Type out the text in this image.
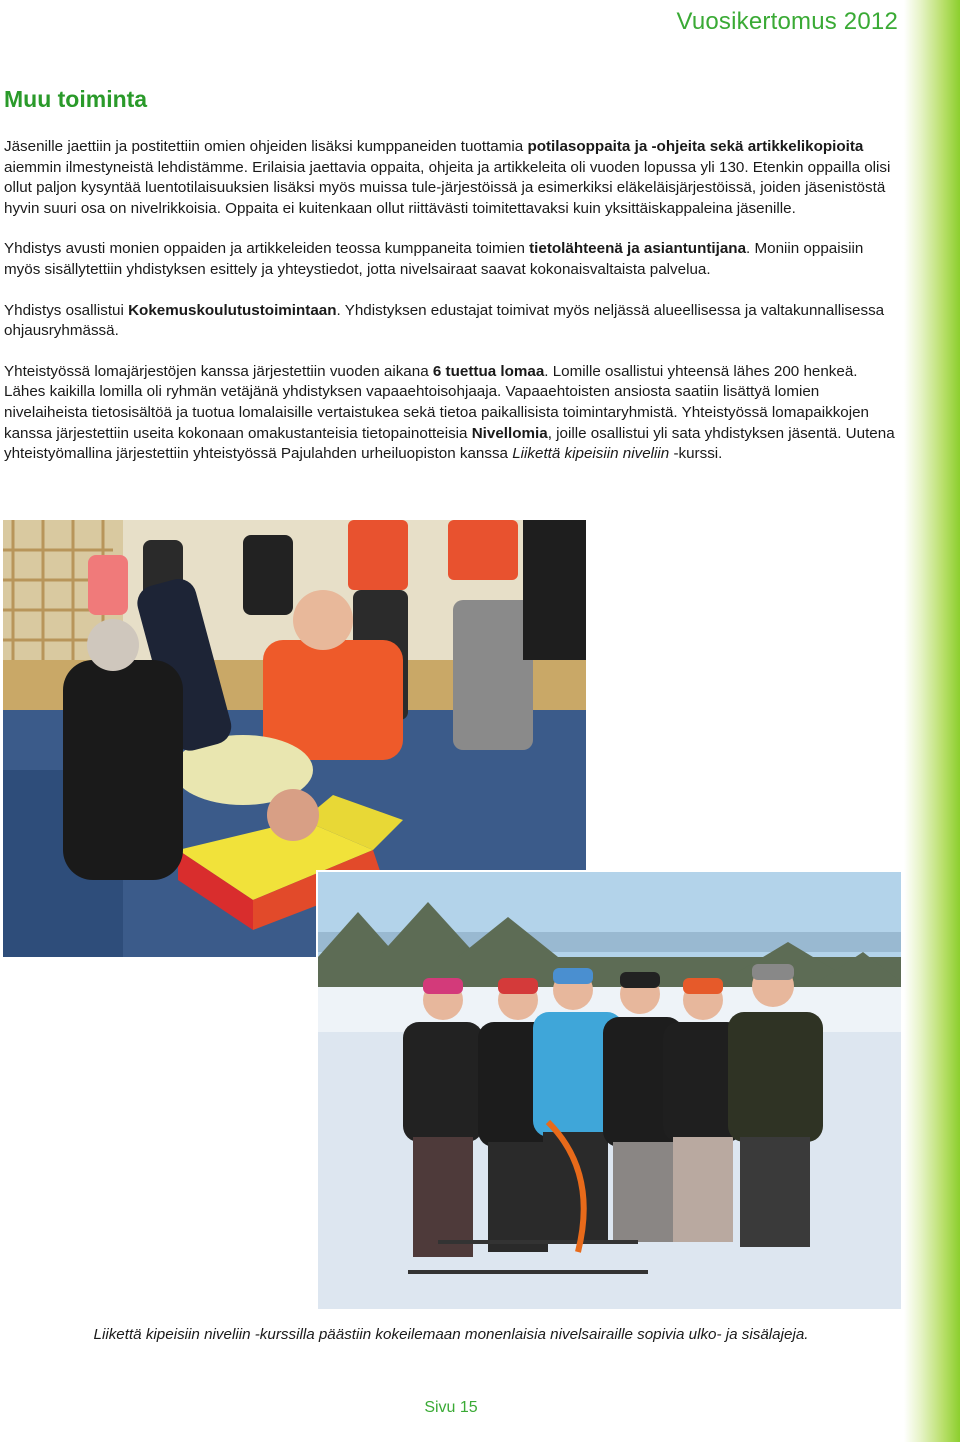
Vuosikertomus 2012
Muu toiminta

Jäsenille jaettiin ja postitettiin omien ohjeiden lisäksi kumppaneiden tuottamia potilasoppaita ja -ohjeita sekä artikkelikopioita aiemmin ilmestyneistä lehdistämme. Erilaisia jaettavia oppaita, ohjeita ja artikkeleita oli vuoden lopussa yli 130. Etenkin oppailla olisi ollut paljon kysyntää luentotilaisuuksien lisäksi myös muissa tule-järjestöissä ja esimerkiksi eläkeläisjärjestöissä, joiden jäsenistöstä hyvin suuri osa on nivelrikkoisia. Oppaita ei kuitenkaan ollut riittävästi toimitettavaksi kuin yksittäiskappaleina jäsenille.

Yhdistys avusti monien oppaiden ja artikkeleiden teossa kumppaneita toimien tietolähteenä ja asiantuntijana. Moniin oppaisiin myös sisällytettiin yhdistyksen esittely ja yhteystiedot, jotta nivelsairaat saavat kokonaisvaltaista palvelua.

Yhdistys osallistui Kokemuskoulutustoimintaan. Yhdistyksen edustajat toimivat myös neljässä alueellisessa ja valtakunnallisessa ohjausryhmässä.

Yhteistyössä lomajärjestöjen kanssa järjestettiin vuoden aikana 6 tuettua lomaa. Lomille osallistui yhteensä lähes 200 henkeä. Lähes kaikilla lomilla oli ryhmän vetäjänä yhdistyksen vapaaehtoisohjaaja. Vapaaehtoisten ansiosta saatiin lisättyä lomien nivelaiheista tietosisältöä ja tuotua lomalaisille vertaistukea sekä tietoa paikallisista toimintaryhmistä. Yhteistyössä lomapaikkojen kanssa järjestettiin useita kokonaan omakustanteisia tietopainotteisia Nivellomia, joille osallistui yli sata yhdistyksen jäsentä. Uutena yhteistyömallina järjestettiin yhteistyössä Pajulahden urheiluopiston kanssa Liikettä kipeisiin niveliin -kurssi.

Liikettä kipeisiin niveliin -kurssilla päästiin kokeilemaan monenlaisia nivelsairaille sopivia ulko- ja sisälajeja.
Sivu 15
